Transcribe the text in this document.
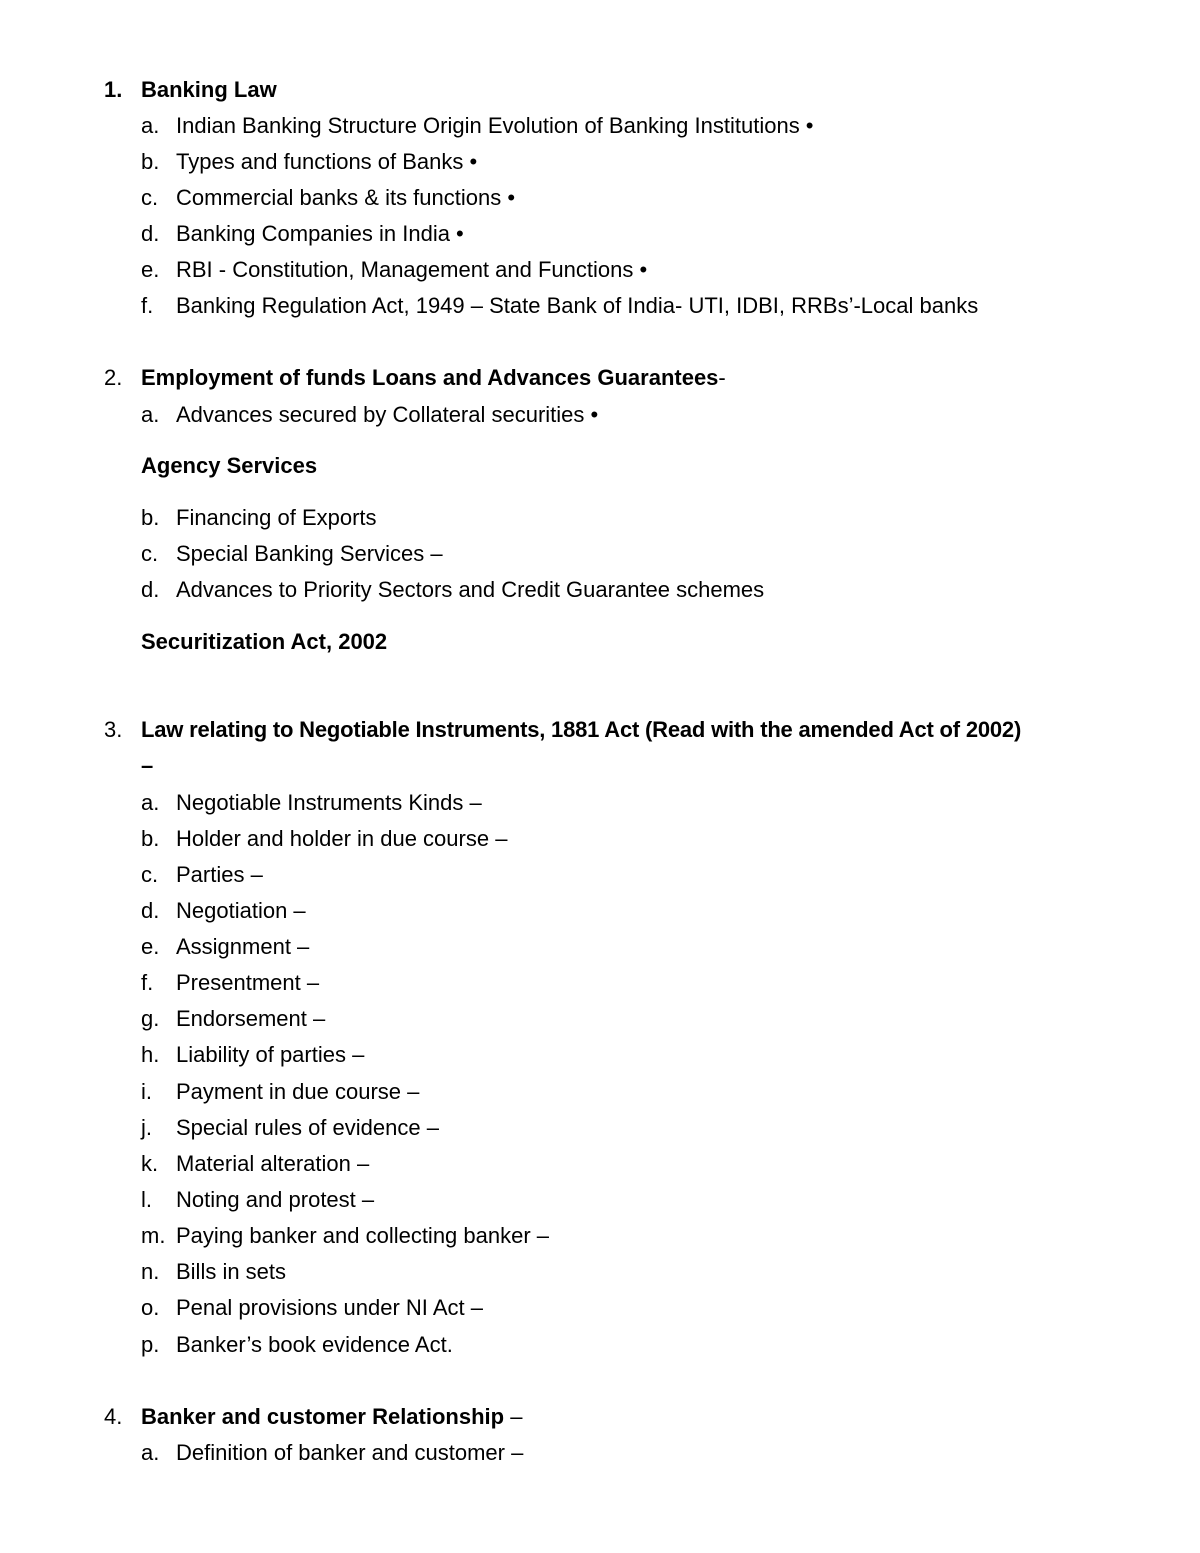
1. Banking Law
a. Indian Banking Structure Origin Evolution of Banking Institutions •
b. Types and functions of Banks •
c. Commercial banks & its functions •
d. Banking Companies in India •
e. RBI - Constitution, Management and Functions •
f.	Banking Regulation Act, 1949 – State Bank of India- UTI, IDBI, RRBs’-Local banks
2. Employment of funds Loans and Advances Guarantees-
a. Advances secured by Collateral securities •
Agency Services
b. Financing of Exports
c. Special Banking Services –
d. Advances to Priority Sectors and Credit Guarantee schemes
Securitization Act, 2002
3. Law relating to Negotiable Instruments, 1881 Act (Read with the amended Act of 2002)
–
a. Negotiable Instruments Kinds –
b. Holder and holder in due course –
c. Parties –
d. Negotiation –
e. Assignment –
f.	Presentment –
g. Endorsement –
h. Liability of parties –
i.	Payment in due course –
j.	Special rules of evidence –
k. Material alteration –
l.	Noting and protest –
m. Paying banker and collecting banker –
n. Bills in sets
o. Penal provisions under NI Act –
p. Banker’s book evidence Act.
4. Banker and customer Relationship –
a. Definition of banker and customer –
